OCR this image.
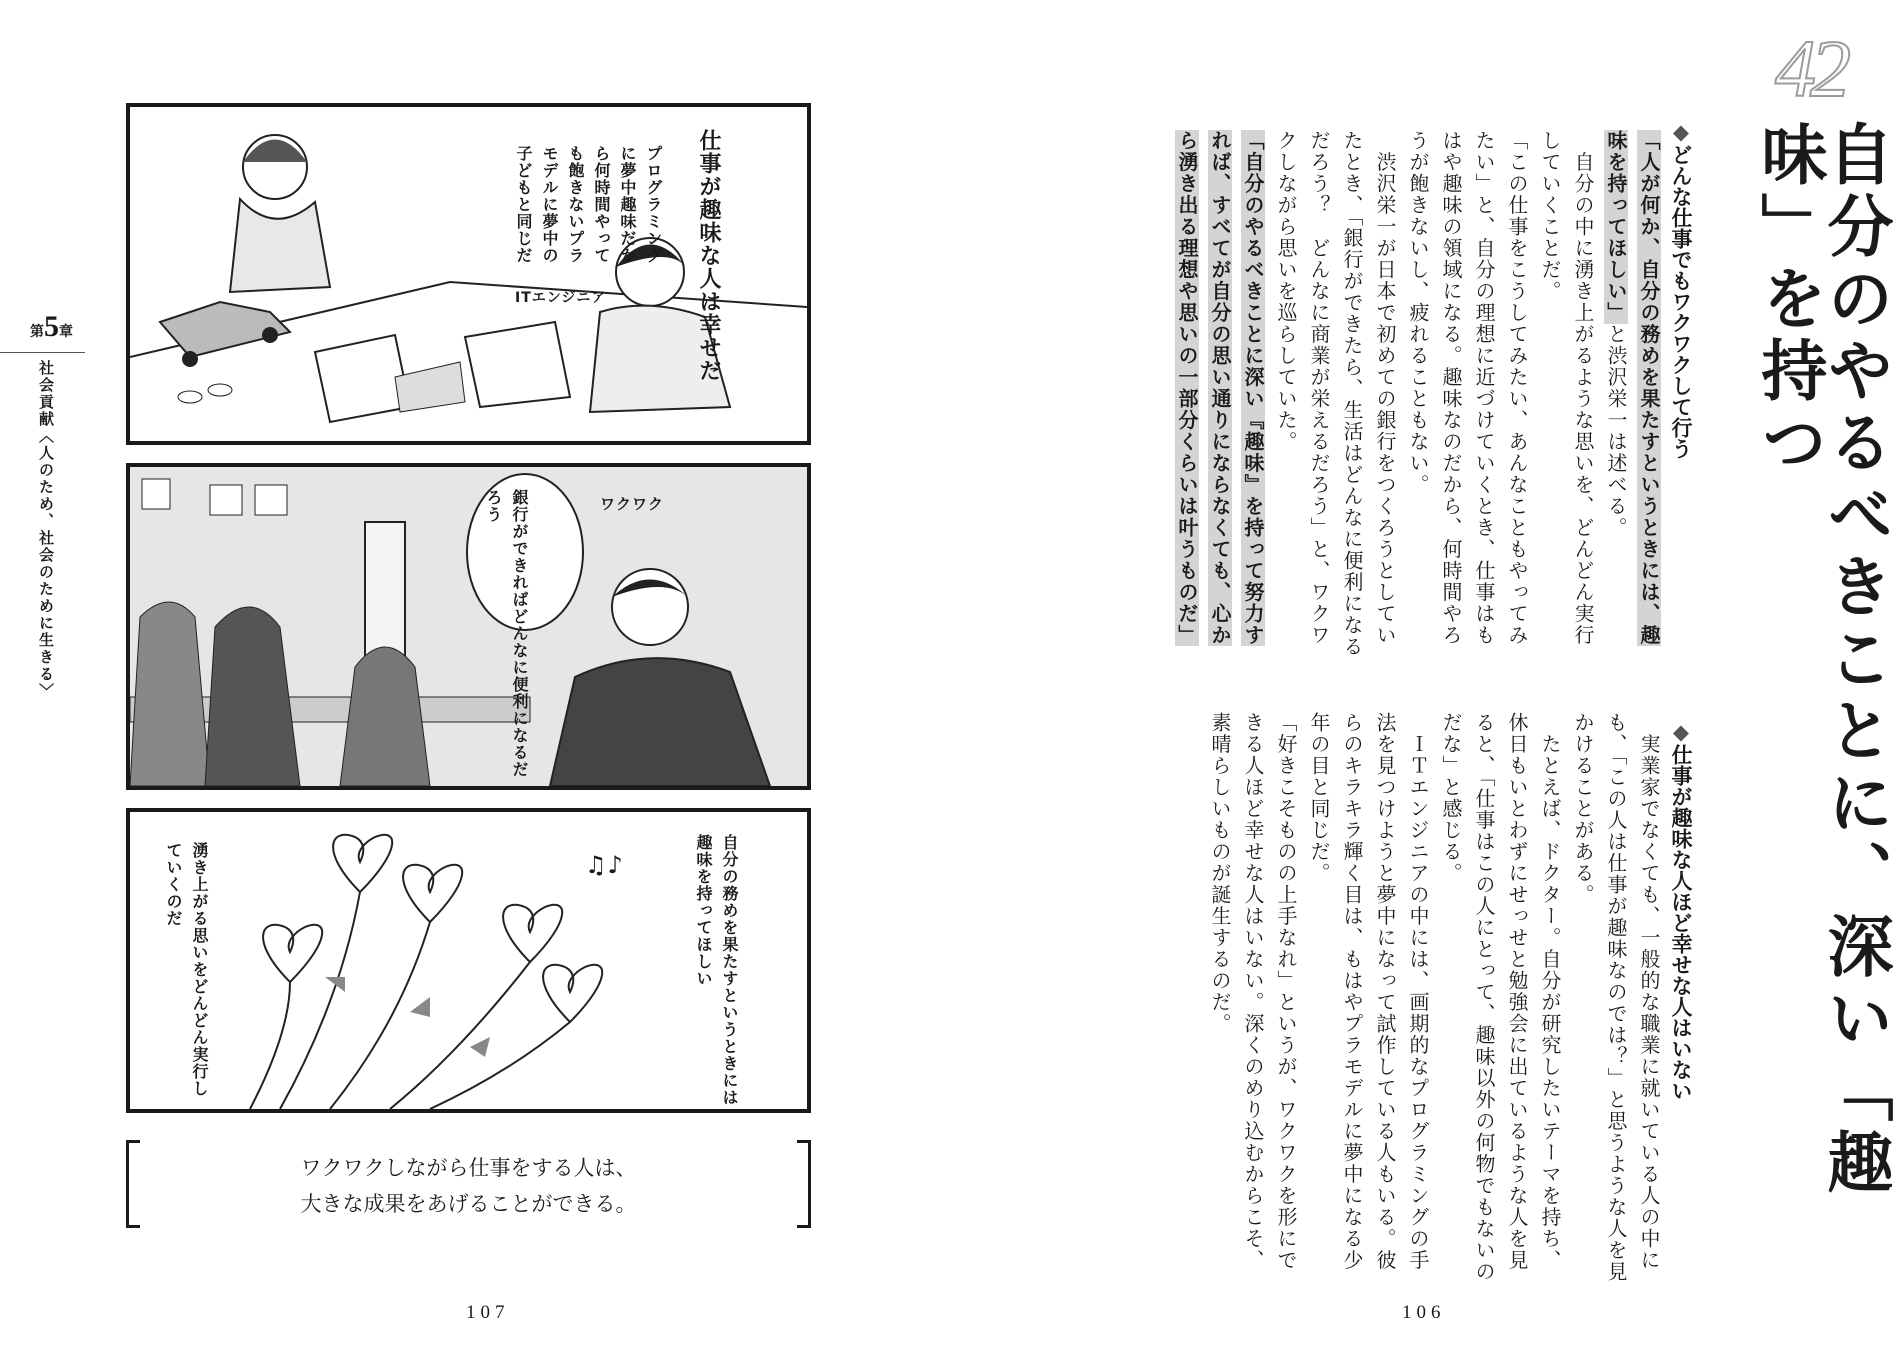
42
自分のやるべきことに、深い「趣味」を持つ
◆どんな仕事でもワクワクして行う
「人が何か、自分の務めを果たすというときには、趣味を持ってほしい」と渋沢栄一は述べる。
　自分の中に湧き上がるような思いを、どんどん実行していくことだ。
「この仕事をこうしてみたい、あんなこともやってみたい」と、自分の理想に近づけていくとき、仕事はもはや趣味の領域になる。趣味なのだから、何時間やろうが飽きないし、疲れることもない。
　渋沢栄一が日本で初めての銀行をつくろうとしていたとき、「銀行ができたら、生活はどんなに便利になるだろう？　どんなに商業が栄えるだろう」と、ワクワクしながら思いを巡らしていた。
「自分のやるべきことに深い『趣味』を持って努力すれば、すべてが自分の思い通りにならなくても、心から湧き出る理想や思いの一部分くらいは叶うものだ」
◆仕事が趣味な人ほど幸せな人はいない
　実業家でなくても、一般的な職業に就いている人の中にも、「この人は仕事が趣味なのでは？」と思うような人を見かけることがある。
　たとえば、ドクター。自分が研究したいテーマを持ち、休日もいとわずにせっせと勉強会に出ているような人を見ると、「仕事はこの人にとって、趣味以外の何物でもないのだな」と感じる。
　ＩＴエンジニアの中には、画期的なプログラミングの手法を見つけようと夢中になって試作している人もいる。彼らのキラキラ輝く目は、もはやプラモデルに夢中になる少年の目と同じだ。
「好きこそものの上手なれ」というが、ワクワクを形にできる人ほど幸せな人はいない。深くのめり込むからこそ、素晴らしいものが誕生するのだ。
106
第5章
社会貢献〈人のため、社会のために生きる〉
仕事が趣味な人は幸せだ
プログラミングに夢中趣味だから何時間やっても飽きないプラモデルに夢中の子どもと同じだ
ITエンジニア
銀行ができればどんなに便利になるだろう	ワクワク
♫♪	自分の務めを果たすというときには趣味を持ってほしい
湧き上がる思いをどんどん実行していくのだ
ワクワクしながら仕事をする人は、
大きな成果をあげることができる。
107
